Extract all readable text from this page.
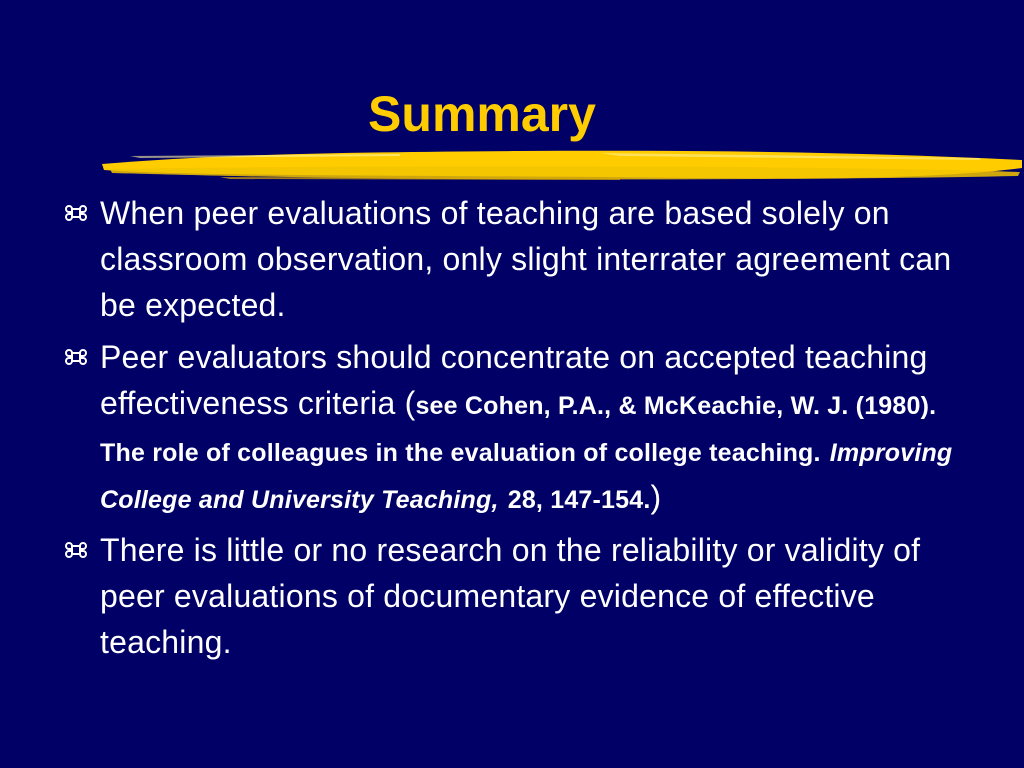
Summary
When peer evaluations of teaching are based solely on classroom observation, only slight interrater agreement can be expected.
Peer evaluators should concentrate on accepted teaching effectiveness criteria (see Cohen, P.A., & McKeachie, W. J. (1980). The role of colleagues in the evaluation of college teaching. Improving College and University Teaching, 28, 147-154.)
There is little or no research on the reliability or validity of peer evaluations of documentary evidence of effective teaching.
